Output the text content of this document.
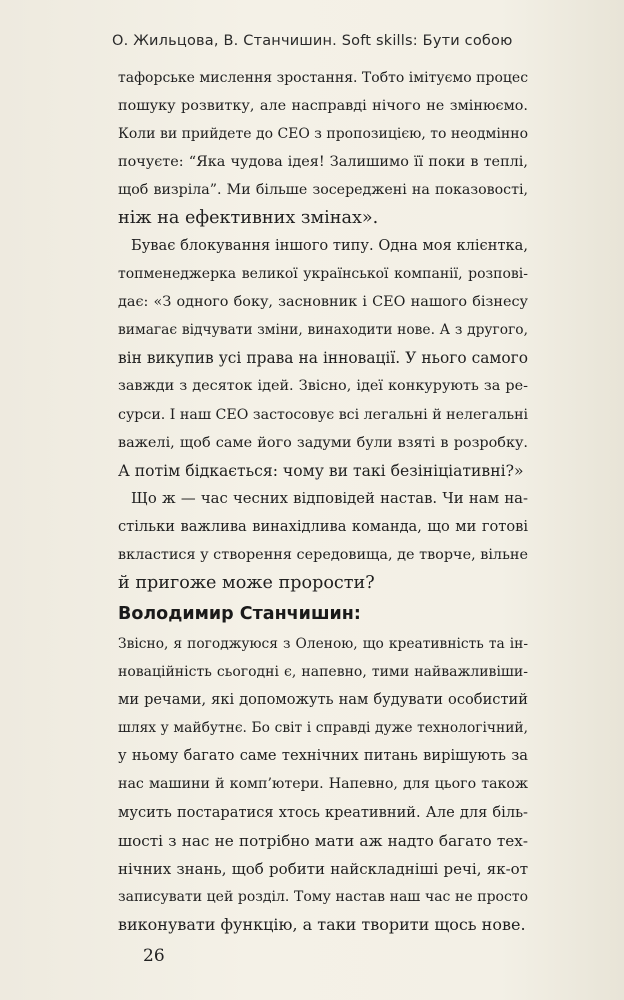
О. Жильцова, В. Станчишин. Soft skills: Бути собою
тафорське мислення зростання. Тобто імітуємо процес
пошуку розвитку, але насправді нічого не змінюємо.
Коли ви прийдете до СЕО з пропозицією, то неодмінно
почуєте: “Яка чудова ідея! Залишимо її поки в теплі,
щоб визріла”. Ми більше зосереджені на показовості,
ніж на ефективних змінах».
Буває блокування іншого типу. Одна моя клієнтка,
топменеджерка великої української компанії, розпові-
дає: «З одного боку, засновник і СЕО нашого бізнесу
вимагає відчувати зміни, винаходити нове. А з другого,
він викупив усі права на інновації. У нього самого
завжди з десяток ідей. Звісно, ідеї конкурують за ре-
сурси. І наш СЕО застосовує всі легальні й нелегальні
важелі, щоб саме його задуми були взяті в розробку.
А потім бідкається: чому ви такі безініціативні?»
Що ж — час чесних відповідей настав. Чи нам на-
стільки важлива винахідлива команда, що ми готові
вкластися у створення середовища, де творче, вільне
й пригоже може прорости?
Володимир Станчишин:
Звісно, я погоджуюся з Оленою, що креативність та ін-
новаційність сьогодні є, напевно, тими найважливіши-
ми речами, які допоможуть нам будувати особистий
шлях у майбутнє. Бо світ і справді дуже технологічний,
у ньому багато саме технічних питань вирішують за
нас машини й комп’ютери. Напевно, для цього також
мусить постаратися хтось креативний. Але для біль-
шості з нас не потрібно мати аж надто багато тех-
нічних знань, щоб робити найскладніші речі, як-от
записувати цей розділ. Тому настав наш час не просто
виконувати функцію, а таки творити щось нове.
26
